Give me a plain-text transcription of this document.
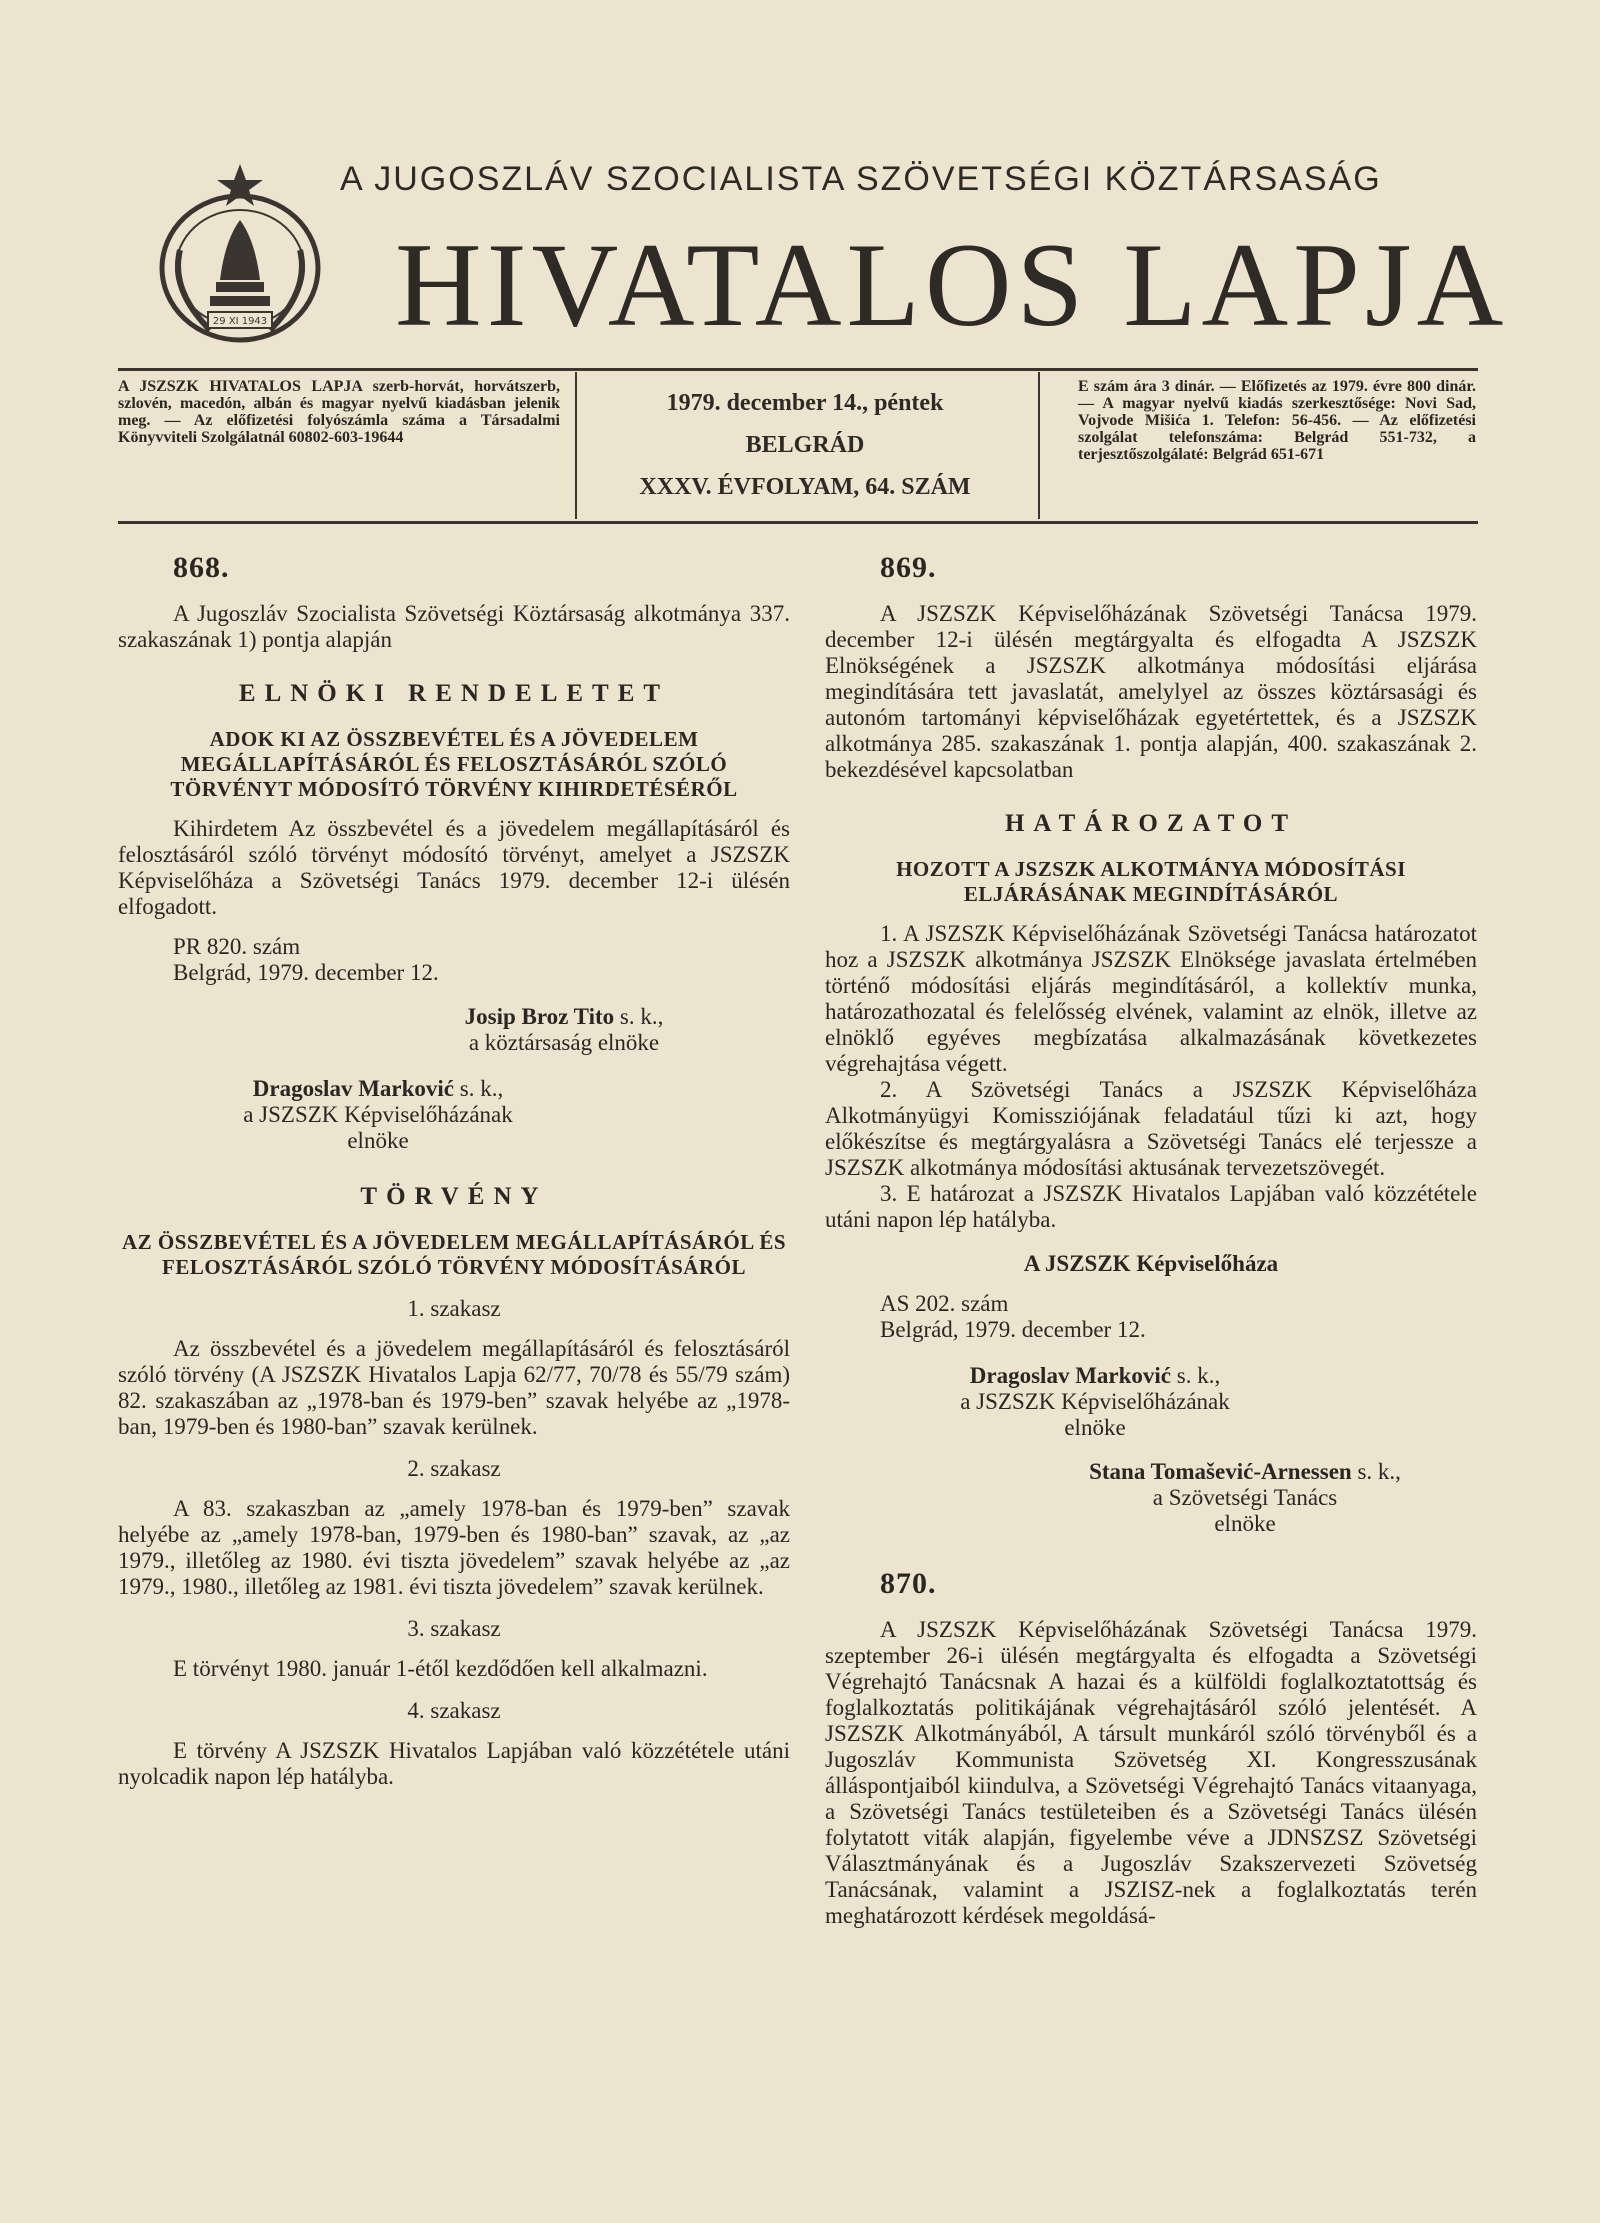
29 XI 1943
A JUGOSZLÁV SZOCIALISTA SZÖVETSÉGI KÖZTÁRSASÁG
HIVATALOS LAPJA
A JSZSZK HIVATALOS LAPJA szerb-horvát, horvátszerb, szlovén, macedón, albán és magyar nyelvű kiadásban jelenik meg. — Az előfizetési folyószámla száma a Társadalmi Könyvviteli Szolgálatnál 60802-603-19644
1979. december 14., péntek
BELGRÁD
XXXV. ÉVFOLYAM, 64. SZÁM
E szám ára 3 dinár. — Előfizetés az 1979. évre 800 dinár. — A magyar nyelvű kiadás szerkesztősége: Novi Sad, Vojvode Mišića 1. Telefon: 56-456. — Az előfizetési szolgálat telefonszáma: Belgrád 551-732, a terjesztőszolgálaté: Belgrád 651-671
868.

A Jugoszláv Szocialista Szövetségi Köztársaság alkotmánya 337. szakaszának 1) pontja alapján

ELNÖKI RENDELETET
ADOK KI AZ ÖSSZBEVÉTEL ÉS A JÖVEDELEM MEGÁLLAPÍTÁSÁRÓL ÉS FELOSZTÁSÁRÓL SZÓLÓ TÖRVÉNYT MÓDOSÍTÓ TÖRVÉNY KIHIRDETÉSÉRŐL

Kihirdetem Az összbevétel és a jövedelem megállapításáról és felosztásáról szóló törvényt módosító törvényt, amelyet a JSZSZK Képviselőháza a Szövetségi Tanács 1979. december 12-i ülésén elfogadott.

PR 820. szám

Belgrád, 1979. december 12.

Josip Broz Tito s. k.,
a köztársaság elnöke
Dragoslav Marković s. k.,
a JSZSZK Képviselőházának
elnöke
TÖRVÉNY
AZ ÖSSZBEVÉTEL ÉS A JÖVEDELEM MEGÁLLAPÍTÁSÁRÓL ÉS FELOSZTÁSÁRÓL SZÓLÓ TÖRVÉNY MÓDOSÍTÁSÁRÓL
1. szakasz

Az összbevétel és a jövedelem megállapításáról és felosztásáról szóló törvény (A JSZSZK Hivatalos Lapja 62/77, 70/78 és 55/79 szám) 82. szakaszában az „1978-ban és 1979-ben” szavak helyébe az „1978-ban, 1979-ben és 1980-ban” szavak kerülnek.

2. szakasz

A 83. szakaszban az „amely 1978-ban és 1979-ben” szavak helyébe az „amely 1978-ban, 1979-ben és 1980-ban” szavak, az „az 1979., illetőleg az 1980. évi tiszta jövedelem” szavak helyébe az „az 1979., 1980., illetőleg az 1981. évi tiszta jövedelem” szavak kerülnek.

3. szakasz

E törvényt 1980. január 1-étől kezdődően kell alkalmazni.

4. szakasz

E törvény A JSZSZK Hivatalos Lapjában való közzététele utáni nyolcadik napon lép hatályba.

869.

A JSZSZK Képviselőházának Szövetségi Tanácsa 1979. december 12-i ülésén megtárgyalta és elfogadta A JSZSZK Elnökségének a JSZSZK alkotmánya módosítási eljárása megindítására tett javaslatát, amelylyel az összes köztársasági és autonóm tartományi képviselőházak egyetértettek, és a JSZSZK alkotmánya 285. szakaszának 1. pontja alapján, 400. szakaszának 2. bekezdésével kapcsolatban

HATÁROZATOT
HOZOTT A JSZSZK ALKOTMÁNYA MÓDOSÍTÁSI ELJÁRÁSÁNAK MEGINDÍTÁSÁRÓL

1. A JSZSZK Képviselőházának Szövetségi Tanácsa határozatot hoz a JSZSZK alkotmánya JSZSZK Elnöksége javaslata értelmében történő módosítási eljárás megindításáról, a kollektív munka, határozathozatal és felelősség elvének, valamint az elnök, illetve az elnöklő egyéves megbízatása alkalmazásának következetes végrehajtása végett.

2. A Szövetségi Tanács a JSZSZK Képviselőháza Alkotmányügyi Komissziójának feladatául tűzi ki azt, hogy előkészítse és megtárgyalásra a Szövetségi Tanács elé terjessze a JSZSZK alkotmánya módosítási aktusának tervezetszövegét.

3. E határozat a JSZSZK Hivatalos Lapjában való közzététele utáni napon lép hatályba.

A JSZSZK Képviselőháza

AS 202. szám

Belgrád, 1979. december 12.

Dragoslav Marković s. k.,
a JSZSZK Képviselőházának
elnöke
Stana Tomašević-Arnessen s. k.,
a Szövetségi Tanács
elnöke
870.

A JSZSZK Képviselőházának Szövetségi Tanácsa 1979. szeptember 26-i ülésén megtárgyalta és elfogadta a Szövetségi Végrehajtó Tanácsnak A hazai és a külföldi foglalkoztatottság és foglalkoztatás politikájának végrehajtásáról szóló jelentését. A JSZSZK Alkotmányából, A társult munkáról szóló törvényből és a Jugoszláv Kommunista Szövetség XI. Kongresszusának álláspontjaiból kiindulva, a Szövetségi Végrehajtó Tanács vitaanyaga, a Szövetségi Tanács testületeiben és a Szövetségi Tanács ülésén folytatott viták alapján, figyelembe véve a JDNSZSZ Szövetségi Választmányának és a Jugoszláv Szakszervezeti Szövetség Tanácsának, valamint a JSZISZ-nek a foglalkoztatás terén meghatározott kérdések megoldásá-
